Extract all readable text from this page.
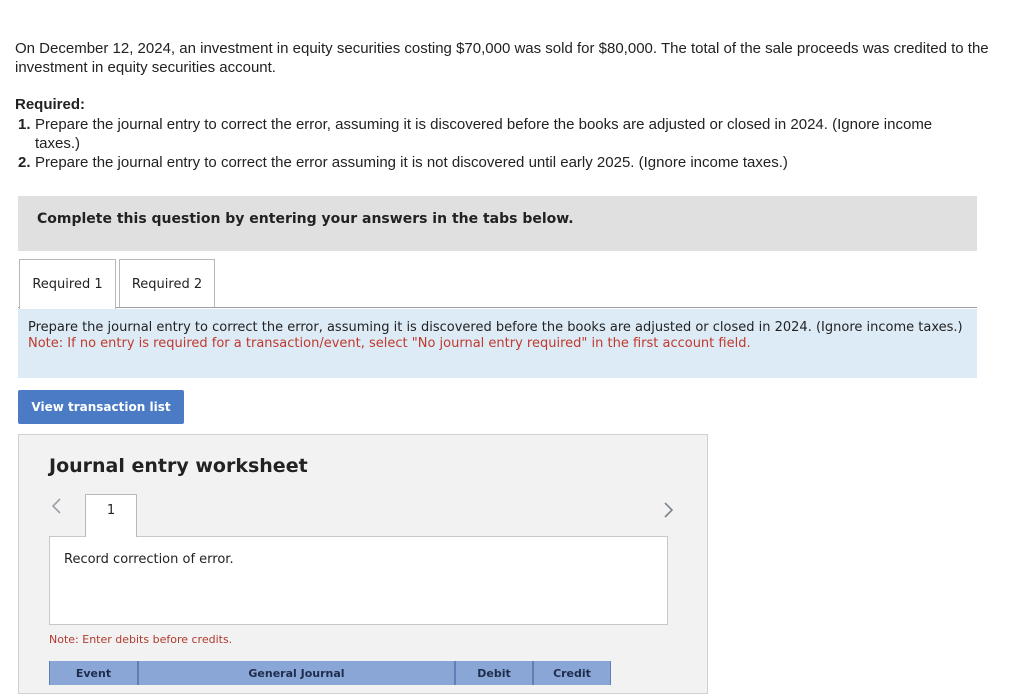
On December 12, 2024, an investment in equity securities costing $70,000 was sold for $80,000. The total of the sale proceeds was credited to the investment in equity securities account.
Required:
1. Prepare the journal entry to correct the error, assuming it is discovered before the books are adjusted or closed in 2024. (Ignore income taxes.)
2. Prepare the journal entry to correct the error assuming it is not discovered until early 2025. (Ignore income taxes.)
Complete this question by entering your answers in the tabs below.
Required 1	Required 2
Prepare the journal entry to correct the error, assuming it is discovered before the books are adjusted or closed in 2024. (Ignore income taxes.)
Note: If no entry is required for a transaction/event, select "No journal entry required" in the first account field.
View transaction list
Journal entry worksheet
1
Record correction of error.
Note: Enter debits before credits.
Event	General Journal	Debit	Credit
